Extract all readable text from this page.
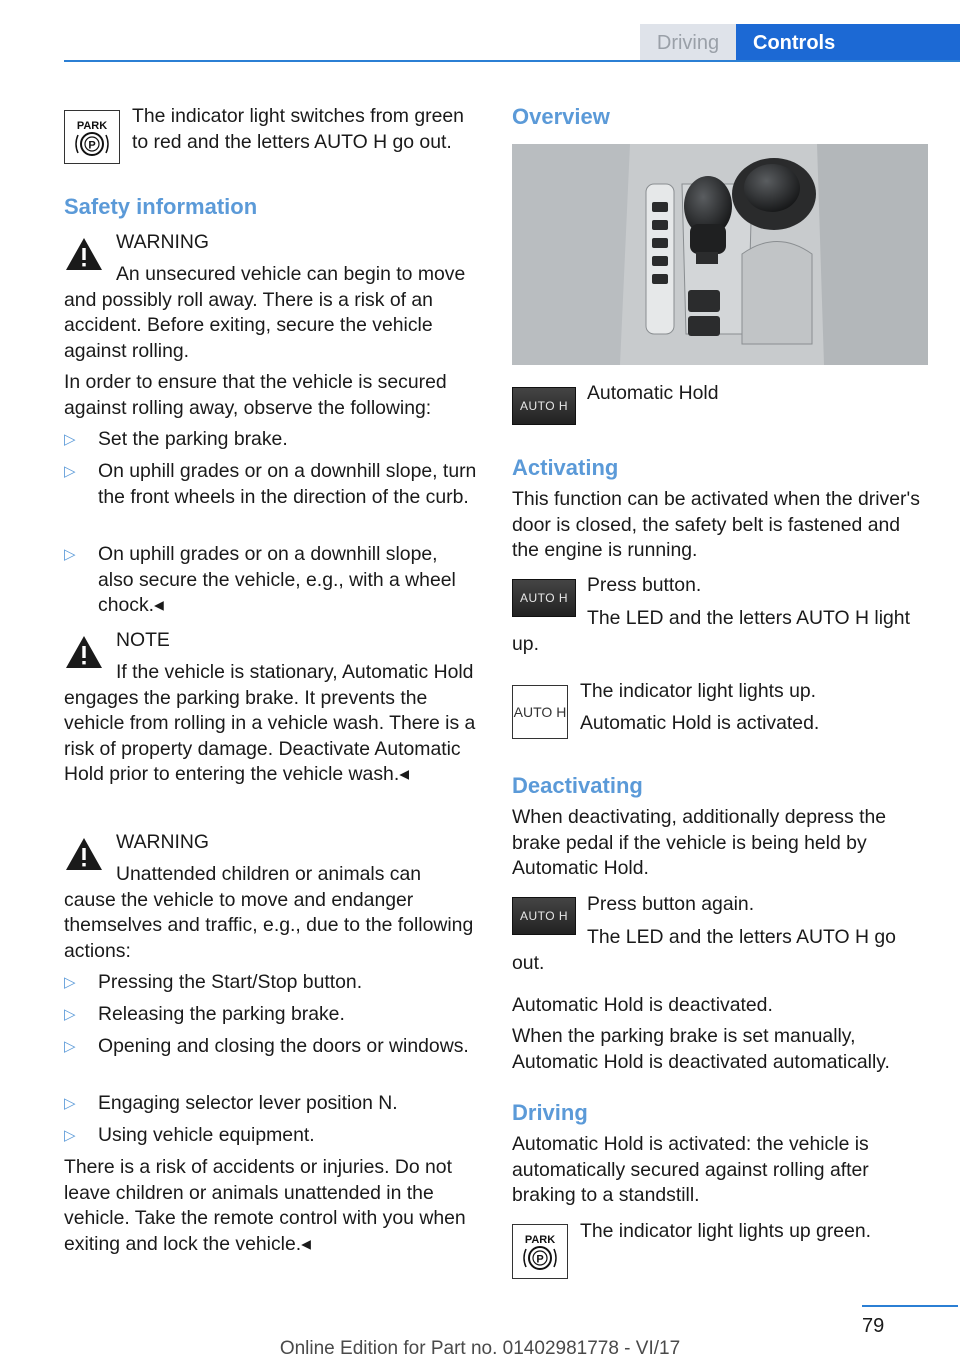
Driving	Controls
PARK
P

The indicator light switches from green to red and the letters AUTO H go out.

Safety information

WARNING

An unsecured vehicle can begin to move and possibly roll away. There is a risk of an accident. Before exiting, secure the vehicle against rolling.

In order to ensure that the vehicle is secured against rolling away, observe the following:

▷ Set the parking brake.
▷ On uphill grades or on a downhill slope, turn the front wheels in the direction of the curb.
▷ On uphill grades or on a downhill slope, also secure the vehicle, e.g., with a wheel chock.◂

NOTE

If the vehicle is stationary, Automatic Hold engages the parking brake. It prevents the vehicle from rolling in a vehicle wash. There is a risk of property damage. Deactivate Automatic Hold prior to entering the vehicle wash.◂

WARNING

Unattended children or animals can cause the vehicle to move and endanger themselves and traffic, e.g., due to the following actions:

▷ Pressing the Start/Stop button.
▷ Releasing the parking brake.
▷ Opening and closing the doors or windows.
▷ Engaging selector lever position N.
▷ Using vehicle equipment.

There is a risk of accidents or injuries. Do not leave children or animals unattended in the vehicle. Take the remote control with you when exiting and lock the vehicle.◂

Overview
AUTO H

Automatic Hold

Activating

This function can be activated when the driver's door is closed, the safety belt is fastened and the engine is running.

AUTO H

Press button.

The LED and the letters AUTO H light up.

AUTO H

The indicator light lights up.

Automatic Hold is activated.

Deactivating

When deactivating, additionally depress the brake pedal if the vehicle is being held by Automatic Hold.

AUTO H

Press button again.

The LED and the letters AUTO H go out.

Automatic Hold is deactivated.

When the parking brake is set manually, Automatic Hold is deactivated automatically.

Driving

Automatic Hold is activated: the vehicle is automatically secured against rolling after braking to a standstill.

PARK
P

The indicator light lights up green.

79
Online Edition for Part no. 01402981778 - VI/17
